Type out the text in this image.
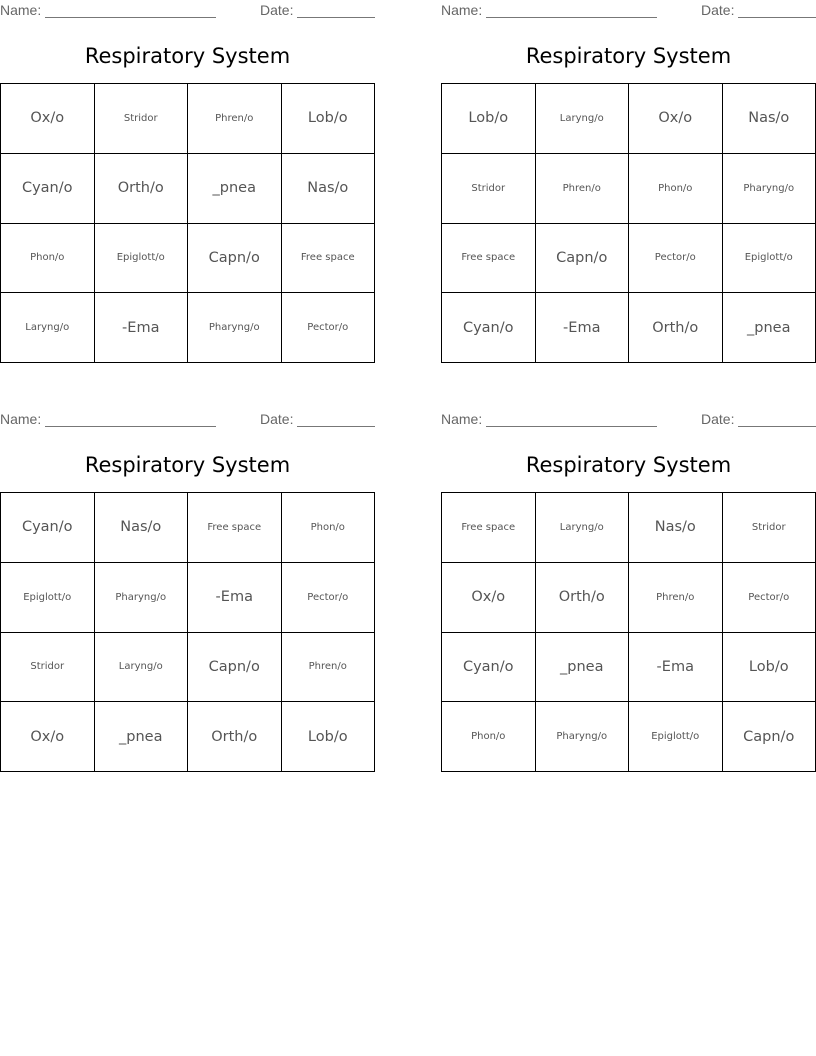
Name:	Date:
Respiratory System
Ox/o	Stridor	Phren/o	Lob/o
Cyan/o	Orth/o	_pnea	Nas/o
Phon/o	Epiglott/o	Capn/o	Free space
Laryng/o	-Ema	Pharyng/o	Pector/o
Name:	Date:
Respiratory System
Lob/o	Laryng/o	Ox/o	Nas/o
Stridor	Phren/o	Phon/o	Pharyng/o
Free space	Capn/o	Pector/o	Epiglott/o
Cyan/o	-Ema	Orth/o	_pnea
Name:	Date:
Respiratory System
Cyan/o	Nas/o	Free space	Phon/o
Epiglott/o	Pharyng/o	-Ema	Pector/o
Stridor	Laryng/o	Capn/o	Phren/o
Ox/o	_pnea	Orth/o	Lob/o
Name:	Date:
Respiratory System
Free space	Laryng/o	Nas/o	Stridor
Ox/o	Orth/o	Phren/o	Pector/o
Cyan/o	_pnea	-Ema	Lob/o
Phon/o	Pharyng/o	Epiglott/o	Capn/o
